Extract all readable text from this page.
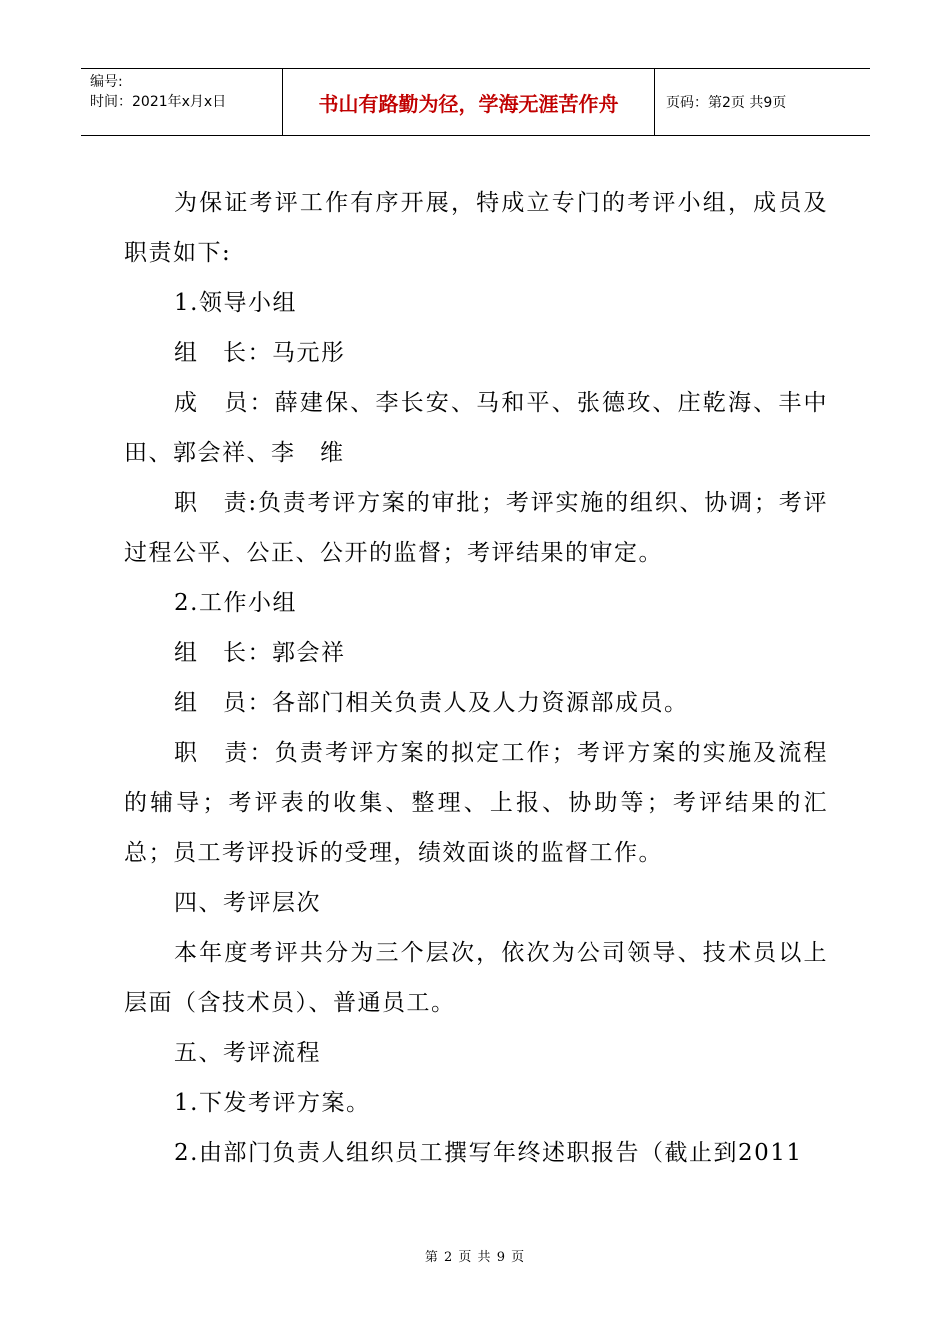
编号:
时间：2021年x月x日	书山有路勤为径，学海无涯苦作舟	页码：第2页 共9页

为保证考评工作有序开展，特成立专门的考评小组，成员及职责如下:

1.领导小组

组　长：马元彤

成　员：薛建保、李长安、马和平、张德玫、庄乾海、丰中田、郭会祥、李　维

职　责:负责考评方案的审批；考评实施的组织、协调；考评过程公平、公正、公开的监督；考评结果的审定。

2.工作小组

组　长：郭会祥

组　员：各部门相关负责人及人力资源部成员。

职　责：负责考评方案的拟定工作；考评方案的实施及流程的辅导；考评表的收集、整理、上报、协助等；考评结果的汇总；员工考评投诉的受理，绩效面谈的监督工作。

四、考评层次

本年度考评共分为三个层次，依次为公司领导、技术员以上层面（含技术员）、普通员工。

五、考评流程

1.下发考评方案。

2.由部门负责人组织员工撰写年终述职报告（截止到2011

第 2 页 共 9 页
